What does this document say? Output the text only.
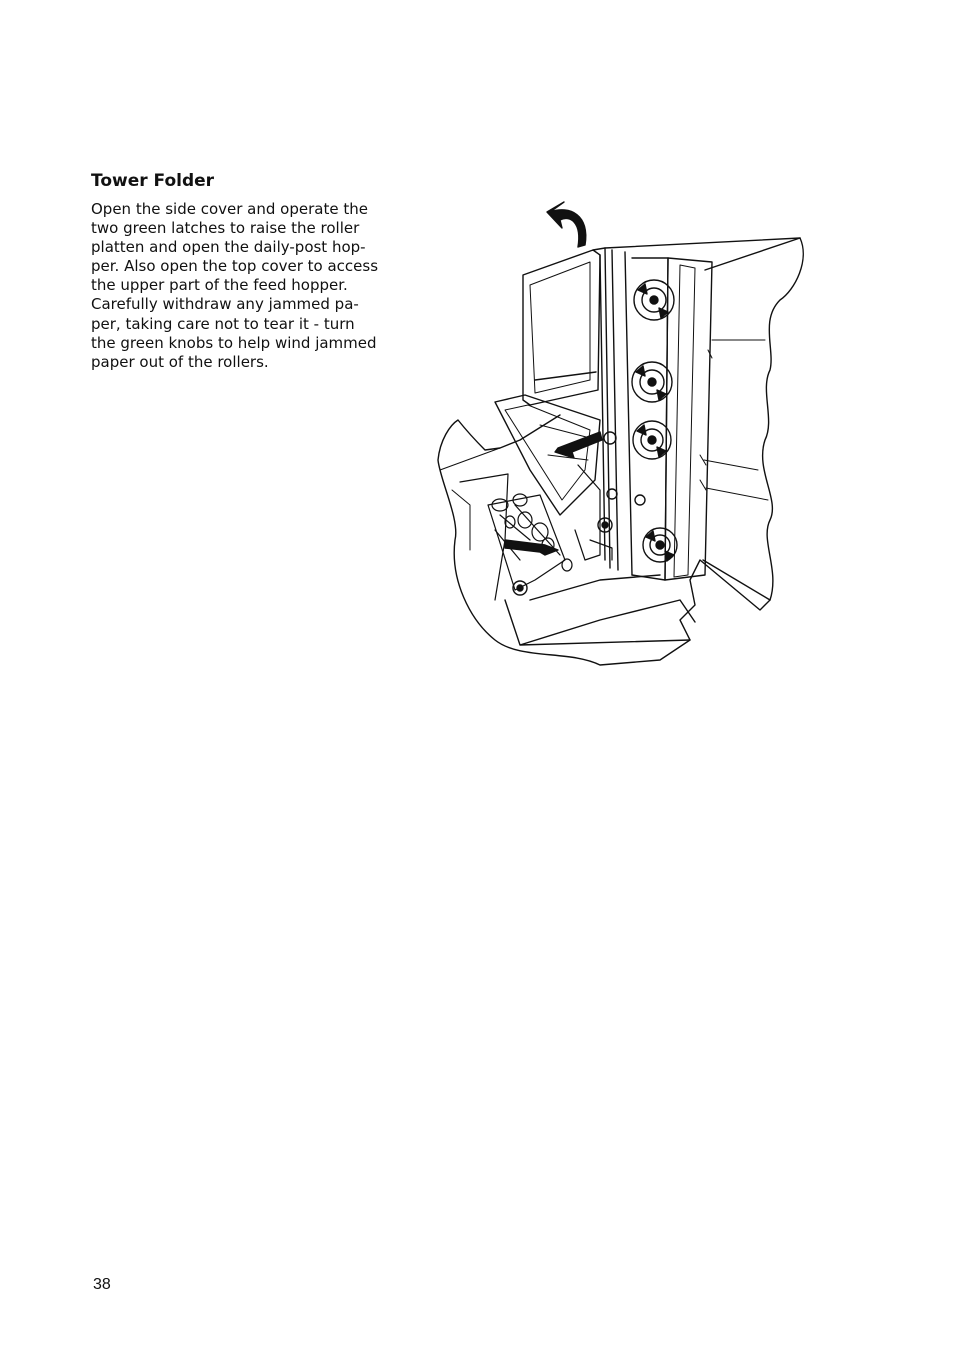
Tower Folder
Open the side cover and operate the
two green latches to raise the roller
platten and open the daily-post hop-
per. Also open the top cover to access
the upper part of the feed hopper.
Carefully withdraw any jammed pa-
per, taking care not to tear it - turn
the green knobs to help wind jammed
paper out of the rollers.
38
